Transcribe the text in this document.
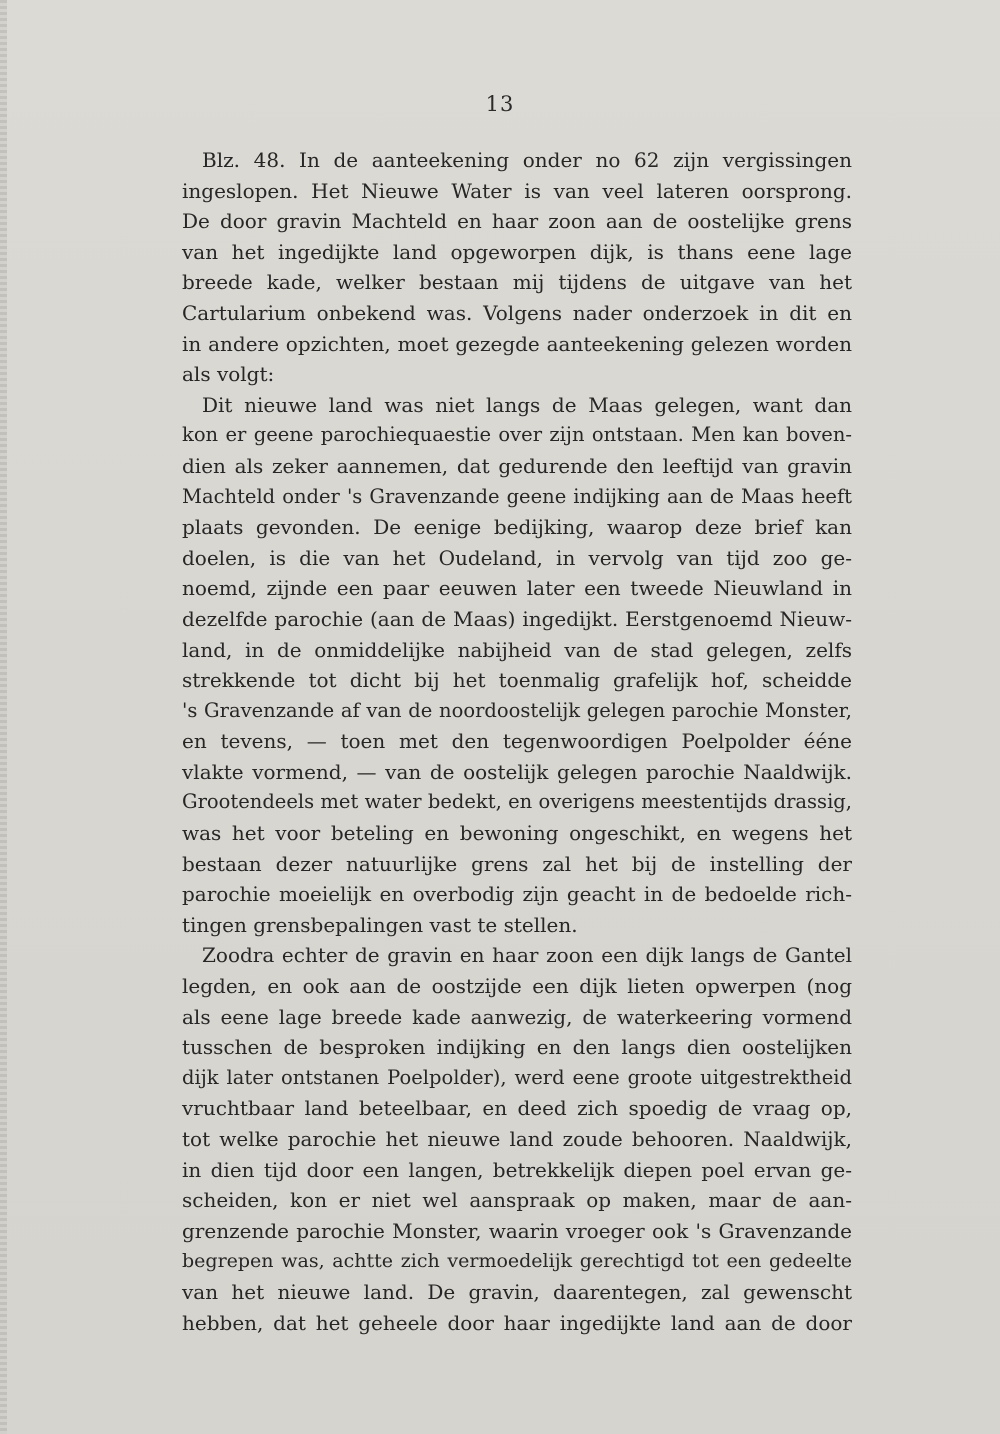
13
Blz. 48. In de aanteekening onder no 62 zijn vergissingen
ingeslopen. Het Nieuwe Water is van veel lateren oorsprong.
De door gravin Machteld en haar zoon aan de oostelijke grens
van het ingedijkte land opgeworpen dijk, is thans eene lage
breede kade, welker bestaan mij tijdens de uitgave van het
Cartularium onbekend was. Volgens nader onderzoek in dit en
in andere opzichten, moet gezegde aanteekening gelezen worden
als volgt:
Dit nieuwe land was niet langs de Maas gelegen, want dan
kon er geene parochiequaestie over zijn ontstaan. Men kan boven-
dien als zeker aannemen, dat gedurende den leeftijd van gravin
Machteld onder 's Gravenzande geene indijking aan de Maas heeft
plaats gevonden. De eenige bedijking, waarop deze brief kan
doelen, is die van het Oudeland, in vervolg van tijd zoo ge-
noemd, zijnde een paar eeuwen later een tweede Nieuwland in
dezelfde parochie (aan de Maas) ingedijkt. Eerstgenoemd Nieuw-
land, in de onmiddelijke nabijheid van de stad gelegen, zelfs
strekkende tot dicht bij het toenmalig grafelijk hof, scheidde
's Gravenzande af van de noordoostelijk gelegen parochie Monster,
en tevens, — toen met den tegenwoordigen Poelpolder ééne
vlakte vormend, — van de oostelijk gelegen parochie Naaldwijk.
Grootendeels met water bedekt, en overigens meestentijds drassig,
was het voor beteling en bewoning ongeschikt, en wegens het
bestaan dezer natuurlijke grens zal het bij de instelling der
parochie moeielijk en overbodig zijn geacht in de bedoelde rich-
tingen grensbepalingen vast te stellen.
Zoodra echter de gravin en haar zoon een dijk langs de Gantel
legden, en ook aan de oostzijde een dijk lieten opwerpen (nog
als eene lage breede kade aanwezig, de waterkeering vormend
tusschen de besproken indijking en den langs dien oostelijken
dijk later ontstanen Poelpolder), werd eene groote uitgestrektheid
vruchtbaar land beteelbaar, en deed zich spoedig de vraag op,
tot welke parochie het nieuwe land zoude behooren. Naaldwijk,
in dien tijd door een langen, betrekkelijk diepen poel ervan ge-
scheiden, kon er niet wel aanspraak op maken, maar de aan-
grenzende parochie Monster, waarin vroeger ook 's Gravenzande
begrepen was, achtte zich vermoedelijk gerechtigd tot een gedeelte
van het nieuwe land. De gravin, daarentegen, zal gewenscht
hebben, dat het geheele door haar ingedijkte land aan de door
